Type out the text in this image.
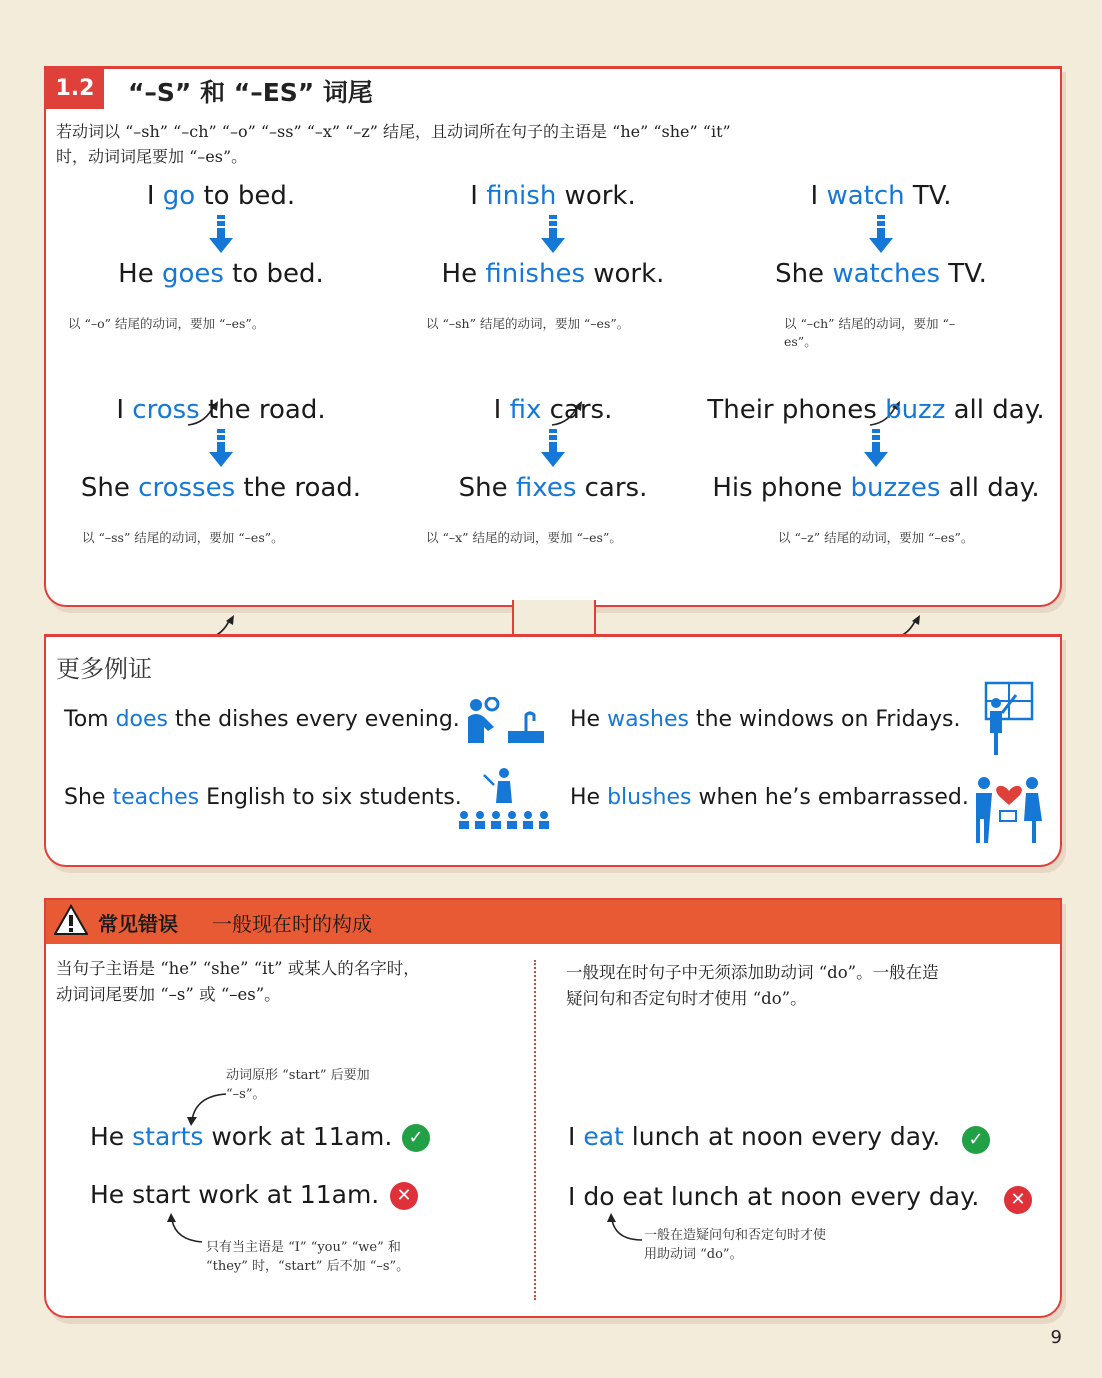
1.2	“–S” 和 “–ES” 词尾
若动词以 “–sh” “–ch” “–o” “–ss” “–x” “–z” 结尾，且动词所在句子的主语是 “he” “she” “it” 时，动词词尾要加 “–es”。
I go to bed.
He goes to bed.
以 “–o” 结尾的动词，要加 “–es”。
I finish work.
He finishes work.
以 “–sh” 结尾的动词，要加 “–es”。
I watch TV.
She watches TV.
以 “–ch” 结尾的动词，要加 “–es”。
I cross the road.
She crosses the road.
以 “–ss” 结尾的动词，要加 “–es”。
I fix cars.
She fixes cars.
以 “–x” 结尾的动词，要加 “–es”。
Their phones buzz all day.
His phone buzzes all day.
以 “–z” 结尾的动词，要加 “–es”。
更多例证
Tom does the dishes every evening.	He washes the windows on Fridays.
She teaches English to six students.	He blushes when he’s embarrassed.
常见错误 一般现在时的构成
当句子主语是 “he” “she” “it” 或某人的名字时，动词词尾要加 “–s” 或 “–es”。
一般现在时句子中无须添加助动词 “do”。一般在造疑问句和否定句时才使用 “do”。
动词原形 “start” 后要加 “–s”。
He starts work at 11am. ✓
He start work at 11am. ✕
只有当主语是 “I” “you” “we” 和 “they” 时，“start” 后不加 “–s”。
I eat lunch at noon every day.	✓
I do eat lunch at noon every day.	✕
一般在造疑问句和否定句时才使用助动词 “do”。
9
